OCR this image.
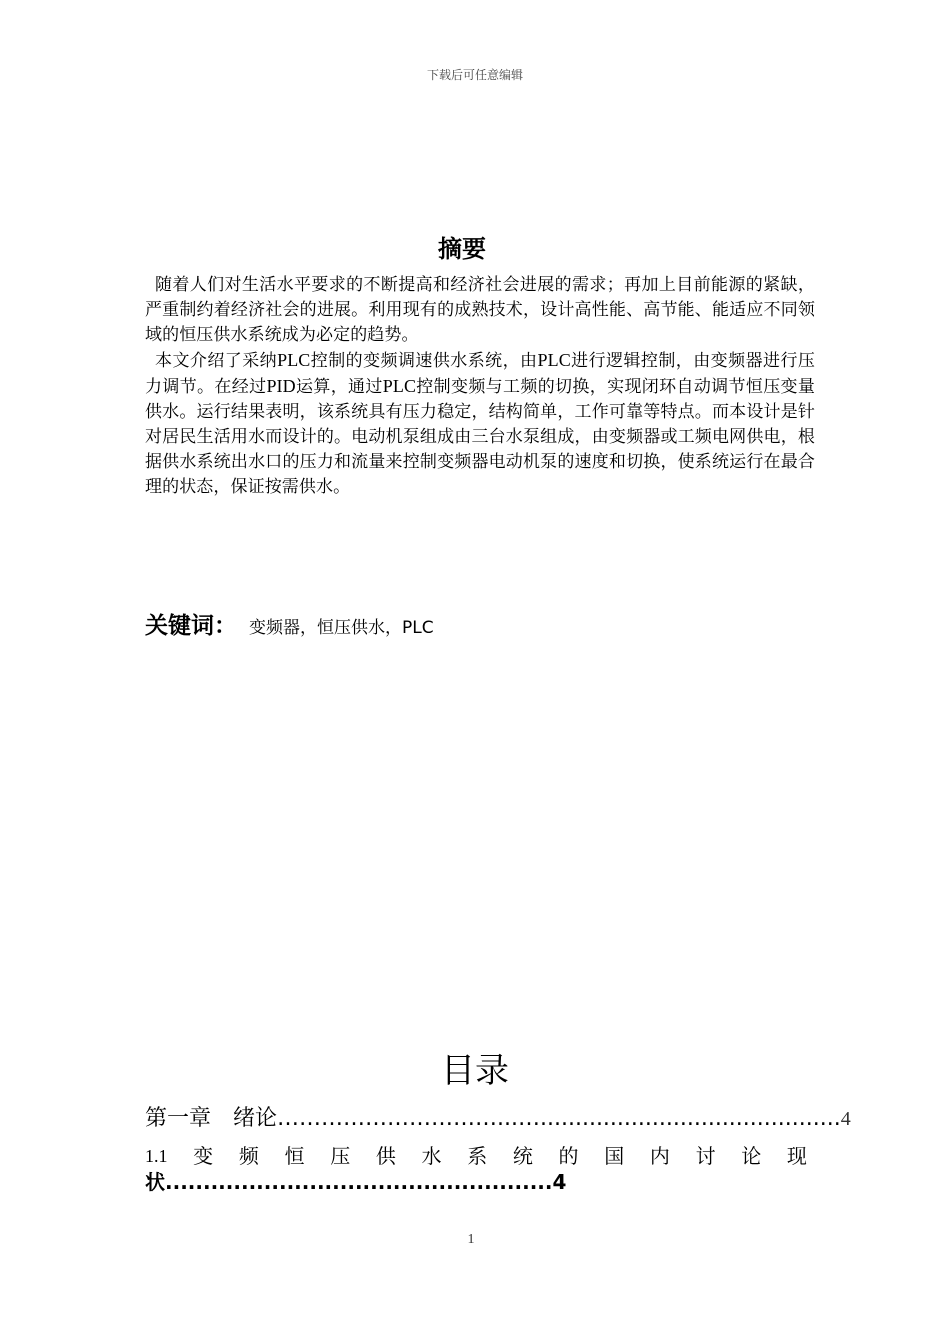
下载后可任意编辑
摘要

随着人们对生活水平要求的不断提高和经济社会进展的需求；再加上目前能源的紧缺，严重制约着经济社会的进展。利用现有的成熟技术，设计高性能、高节能、能适应不同领域的恒压供水系统成为必定的趋势。

本文介绍了采纳PLC控制的变频调速供水系统，由PLC进行逻辑控制，由变频器进行压力调节。在经过PID运算，通过PLC控制变频与工频的切换，实现闭环自动调节恒压变量供水。运行结果表明，该系统具有压力稳定，结构简单，工作可靠等特点。而本设计是针对居民生活用水而设计的。电动机泵组成由三台水泵组成，由变频器或工频电网供电，根据供水系统出水口的压力和流量来控制变频器电动机泵的速度和切换，使系统运行在最合理的状态，保证按需供水。

关键词： 变频器，恒压供水，PLC
目录
第一章　绪论…………………………...…...........................................4
1.1 变 频 恒 压 供 水 系 统 的 国 内 讨 论 现
状...................................................4
1
